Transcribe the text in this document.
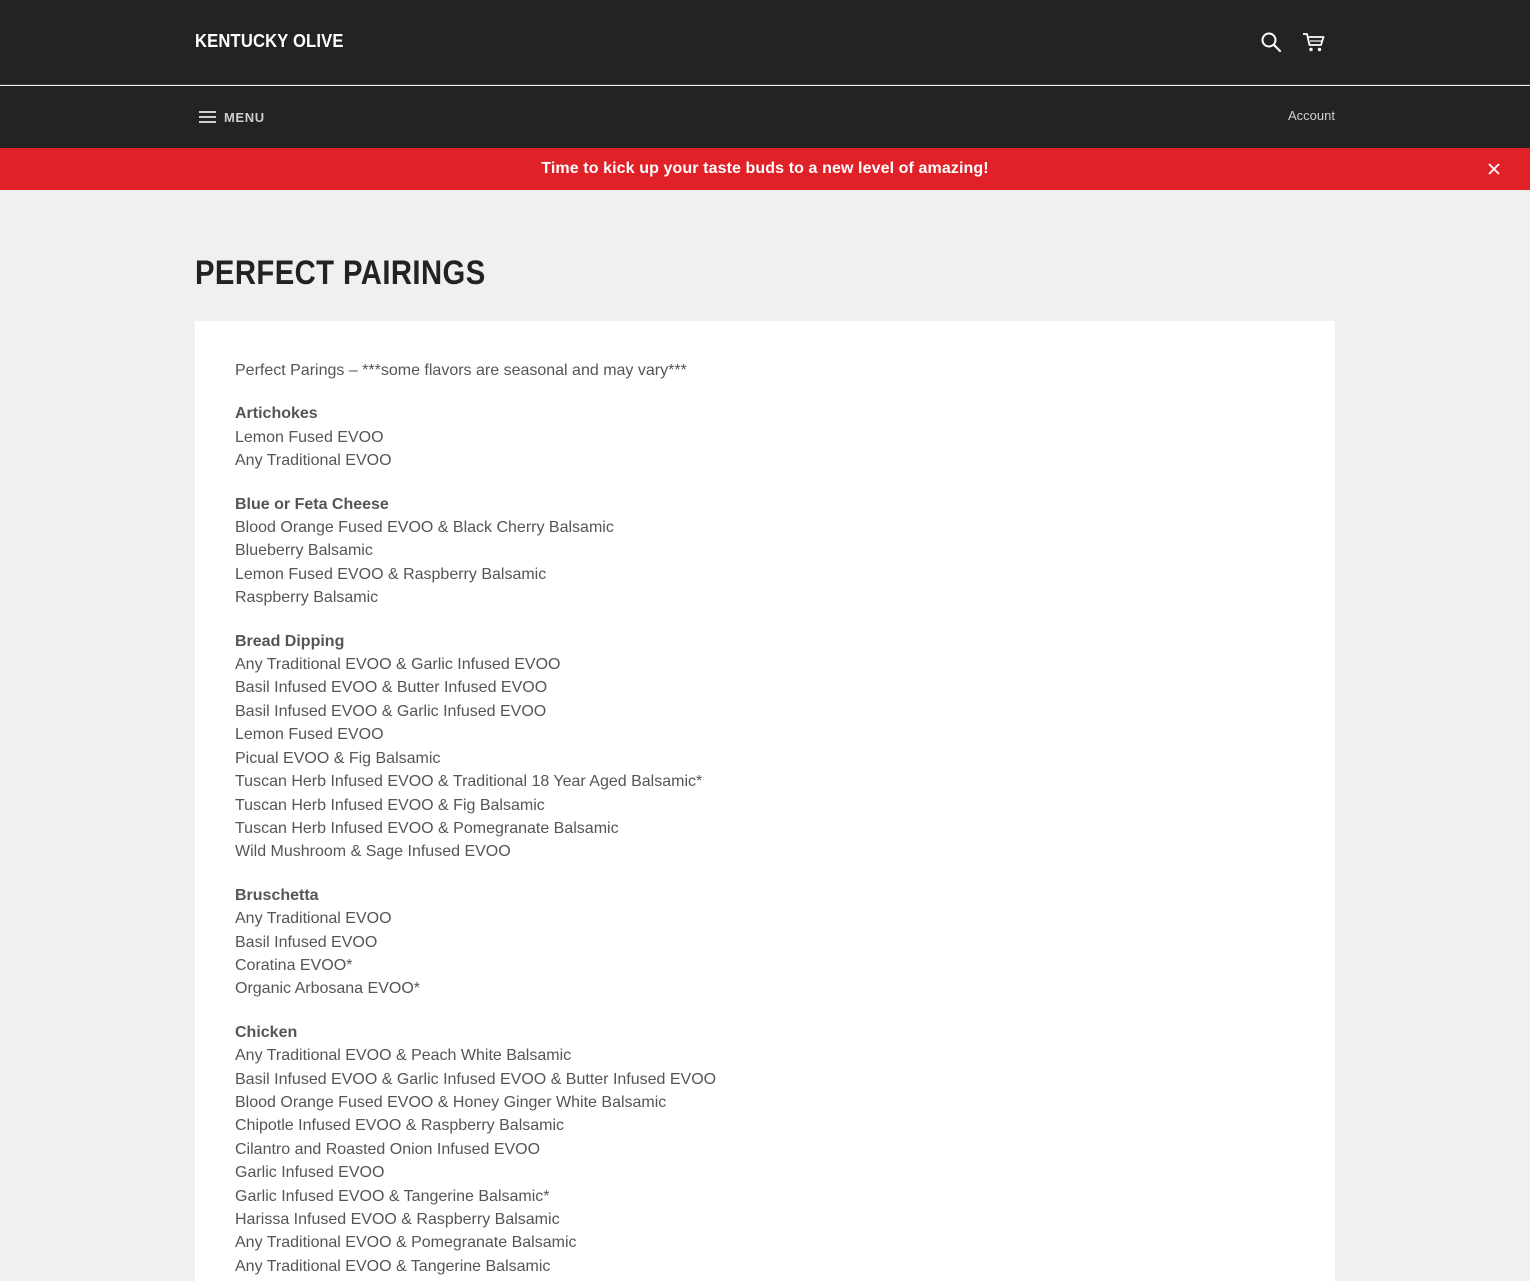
KENTUCKY OLIVE
MENU	Account
Time to kick up your taste buds to a new level of amazing!
PERFECT PAIRINGS

Perfect Parings – ***some flavors are seasonal and may vary***

Artichokes
Lemon Fused EVOO
Any Traditional EVOO
Blue or Feta Cheese
Blood Orange Fused EVOO & Black Cherry Balsamic
Blueberry Balsamic
Lemon Fused EVOO & Raspberry Balsamic
Raspberry Balsamic
Bread Dipping
Any Traditional EVOO & Garlic Infused EVOO
Basil Infused EVOO & Butter Infused EVOO
Basil Infused EVOO & Garlic Infused EVOO
Lemon Fused EVOO
Picual EVOO & Fig Balsamic
Tuscan Herb Infused EVOO & Traditional 18 Year Aged Balsamic*
Tuscan Herb Infused EVOO & Fig Balsamic
Tuscan Herb Infused EVOO & Pomegranate Balsamic
Wild Mushroom & Sage Infused EVOO
Bruschetta
Any Traditional EVOO
Basil Infused EVOO
Coratina EVOO*
Organic Arbosana EVOO*
Chicken
Any Traditional EVOO & Peach White Balsamic
Basil Infused EVOO & Garlic Infused EVOO & Butter Infused EVOO
Blood Orange Fused EVOO & Honey Ginger White Balsamic
Chipotle Infused EVOO & Raspberry Balsamic
Cilantro and Roasted Onion Infused EVOO
Garlic Infused EVOO
Garlic Infused EVOO & Tangerine Balsamic*
Harissa Infused EVOO & Raspberry Balsamic
Any Traditional EVOO & Pomegranate Balsamic
Any Traditional EVOO & Tangerine Balsamic
